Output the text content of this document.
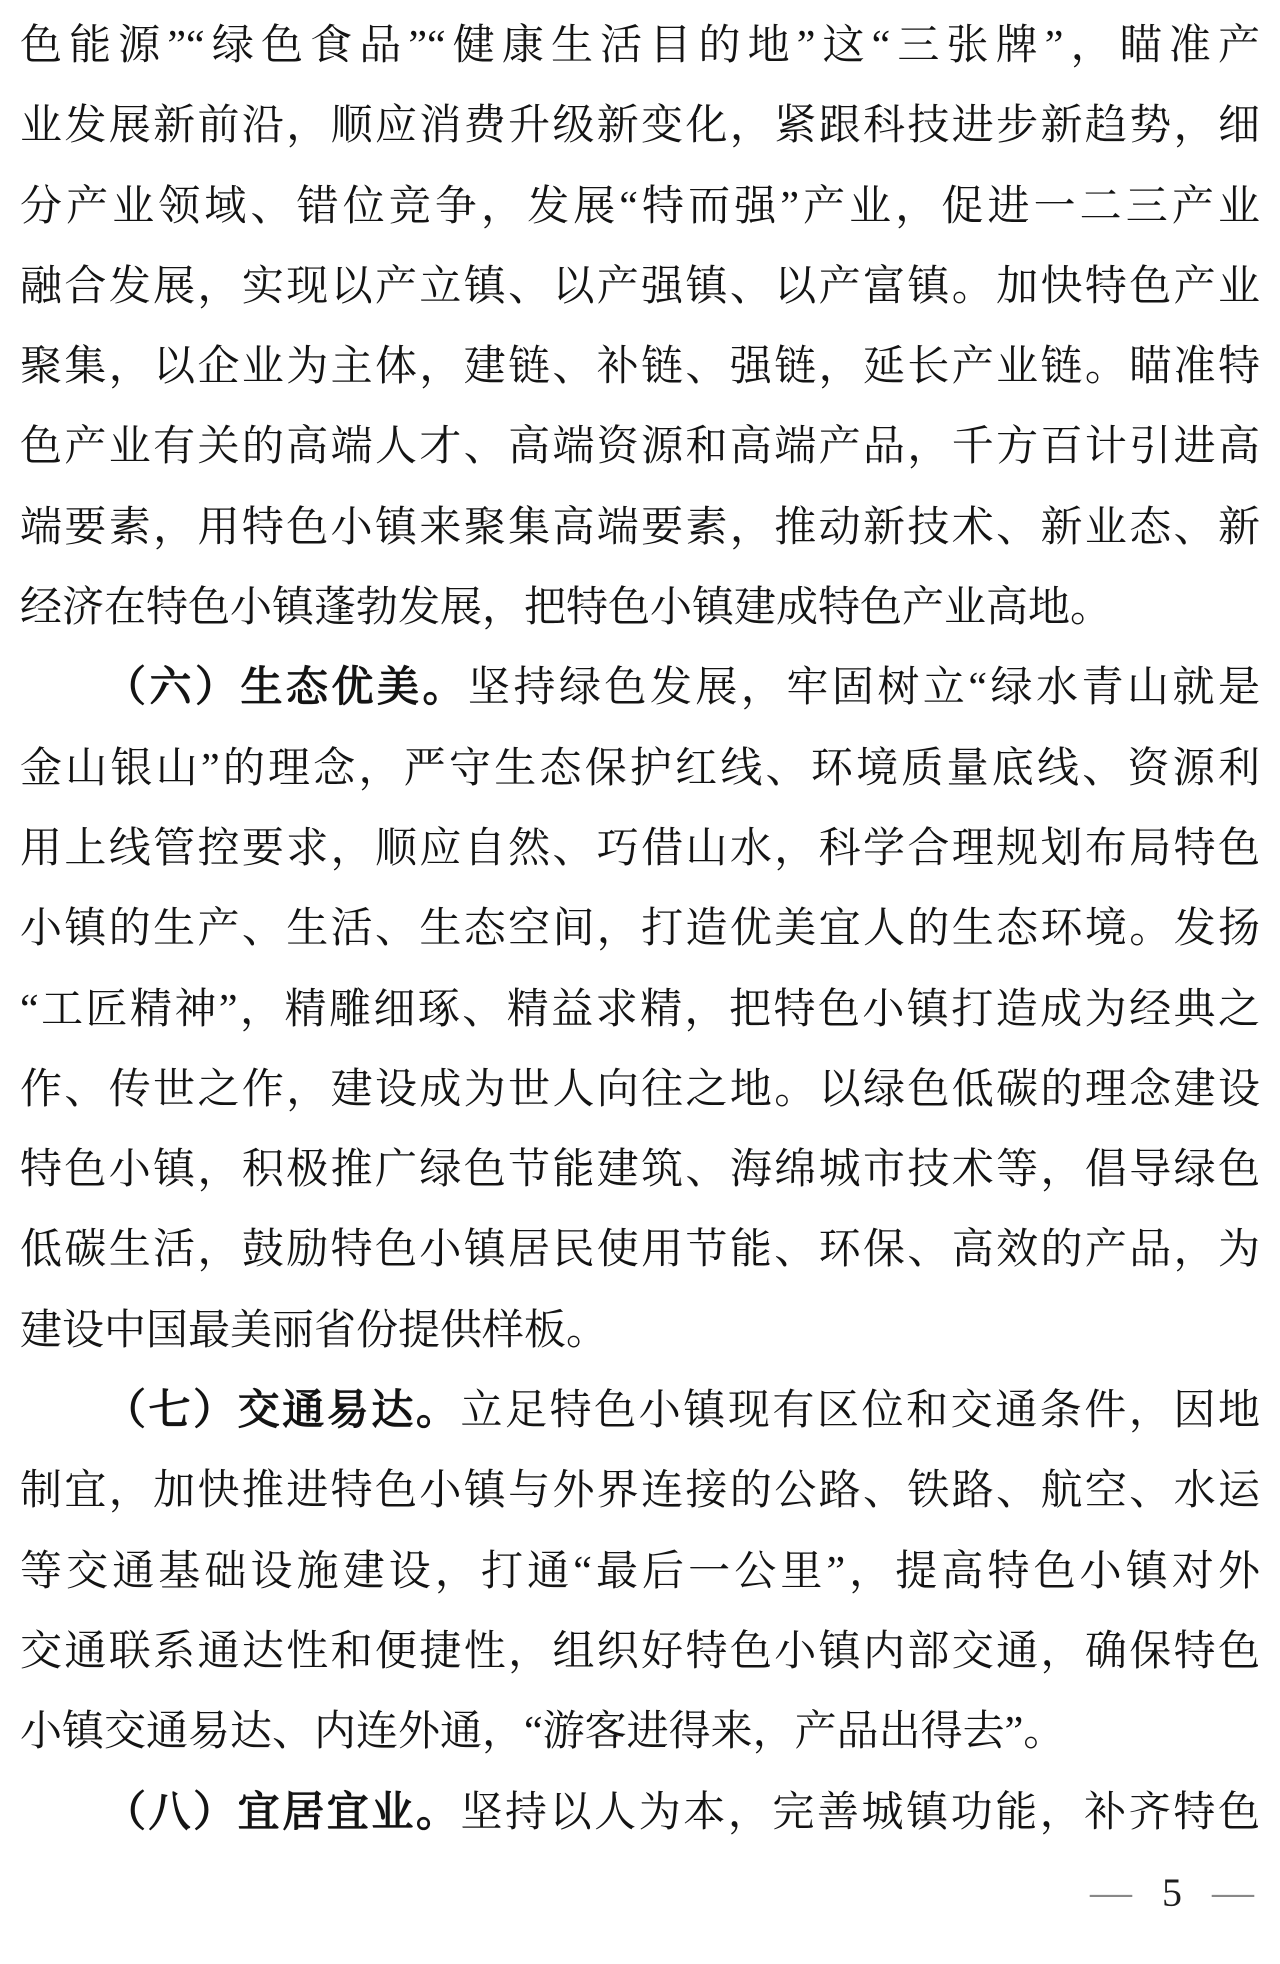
色能源”“绿色食品”“健康生活目的地”这“三张牌”，瞄准产
业发展新前沿，顺应消费升级新变化，紧跟科技进步新趋势，细
分产业领域、错位竞争，发展“特而强”产业，促进一二三产业
融合发展，实现以产立镇、以产强镇、以产富镇。加快特色产业
聚集，以企业为主体，建链、补链、强链，延长产业链。瞄准特
色产业有关的高端人才、高端资源和高端产品，千方百计引进高
端要素，用特色小镇来聚集高端要素，推动新技术、新业态、新
经济在特色小镇蓬勃发展，把特色小镇建成特色产业高地。
（六）生态优美。坚持绿色发展，牢固树立“绿水青山就是
金山银山”的理念，严守生态保护红线、环境质量底线、资源利
用上线管控要求，顺应自然、巧借山水，科学合理规划布局特色
小镇的生产、生活、生态空间，打造优美宜人的生态环境。发扬
“工匠精神”，精雕细琢、精益求精，把特色小镇打造成为经典之
作、传世之作，建设成为世人向往之地。以绿色低碳的理念建设
特色小镇，积极推广绿色节能建筑、海绵城市技术等，倡导绿色
低碳生活，鼓励特色小镇居民使用节能、环保、高效的产品，为
建设中国最美丽省份提供样板。
（七）交通易达。立足特色小镇现有区位和交通条件，因地
制宜，加快推进特色小镇与外界连接的公路、铁路、航空、水运
等交通基础设施建设，打通“最后一公里”，提高特色小镇对外
交通联系通达性和便捷性，组织好特色小镇内部交通，确保特色
小镇交通易达、内连外通，“游客进得来，产品出得去”。
（八）宜居宜业。坚持以人为本，完善城镇功能，补齐特色
— 5 —
